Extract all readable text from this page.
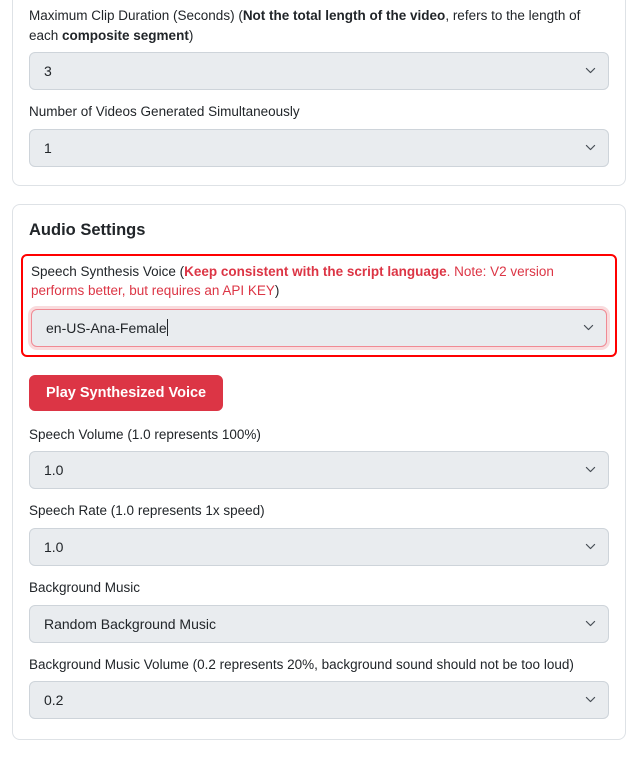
Maximum Clip Duration (Seconds) (Not the total length of the video, refers to the length of each composite segment)
3
Number of Videos Generated Simultaneously
1
Audio Settings
Speech Synthesis Voice (Keep consistent with the script language. Note: V2 version performs better, but requires an API KEY)
en-US-Ana-Female
Play Synthesized Voice
Speech Volume (1.0 represents 100%)
1.0
Speech Rate (1.0 represents 1x speed)
1.0
Background Music
Random Background Music
Background Music Volume (0.2 represents 20%, background sound should not be too loud)
0.2
